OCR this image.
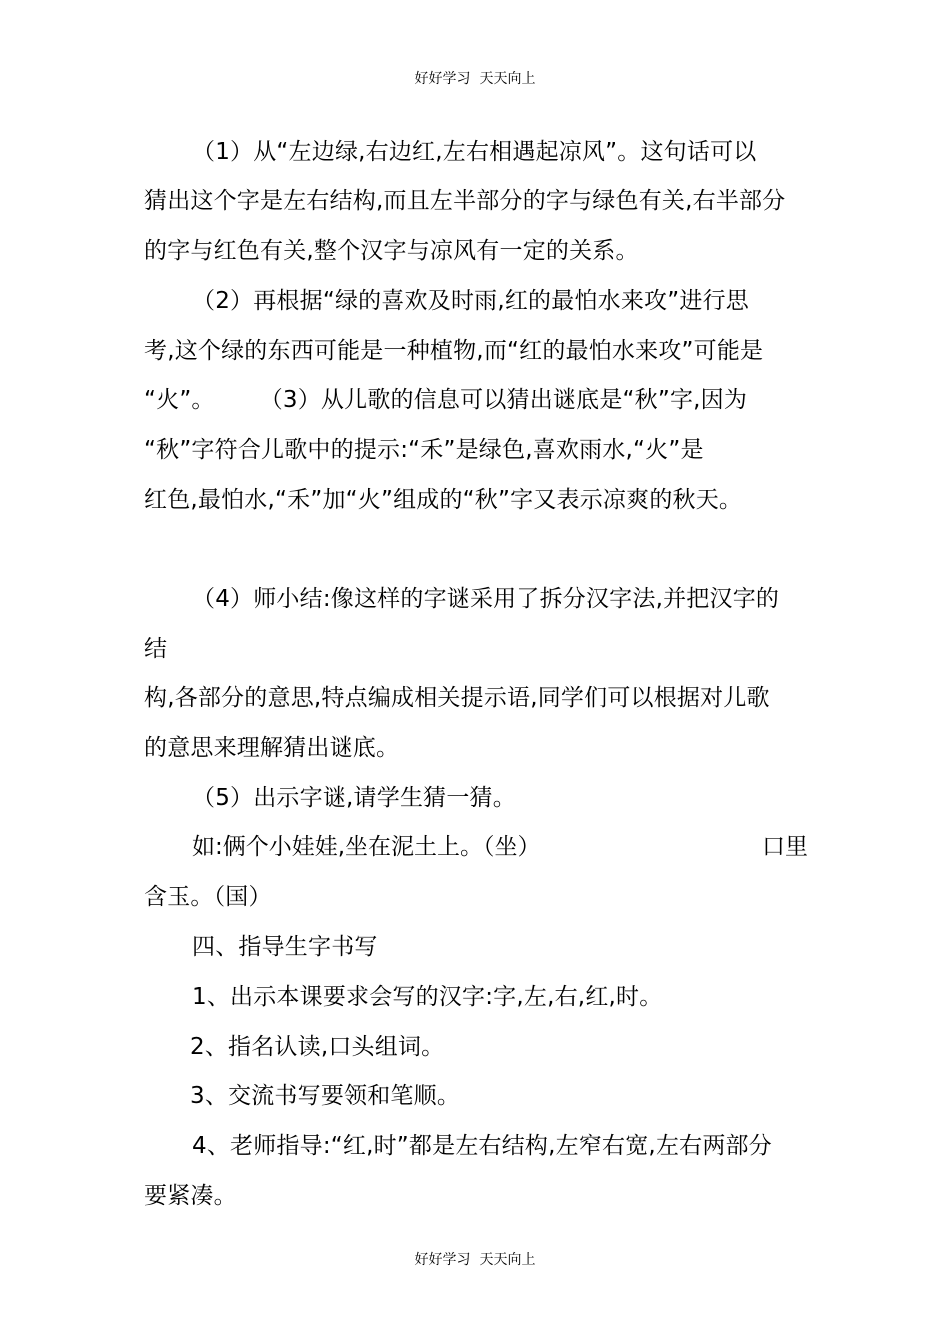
好好学习  天天向上
（1）从“左边绿,右边红,左右相遇起凉风”。这句话可以
猜出这个字是左右结构,而且左半部分的字与绿色有关,右半部分
的字与红色有关,整个汉字与凉风有一定的关系。
（2）再根据“绿的喜欢及时雨,红的最怕水来攻”进行思
考,这个绿的东西可能是一种植物,而“红的最怕水来攻”可能是
“火”。      （3）从儿歌的信息可以猜出谜底是“秋”字,因为
“秋”字符合儿歌中的提示:“禾”是绿色,喜欢雨水,“火”是
红色,最怕水,“禾”加“火”组成的“秋”字又表示凉爽的秋天。
（4）师小结:像这样的字谜采用了拆分汉字法,并把汉字的
结
构,各部分的意思,特点编成相关提示语,同学们可以根据对儿歌
的意思来理解猜出谜底。
（5）出示字谜,请学生猜一猜。
如:俩个小娃娃,坐在泥土上。（坐）	口里
含玉。（国）
四、指导生字书写
1、出示本课要求会写的汉字:字,左,右,红,时。
2、指名认读,口头组词。
3、交流书写要领和笔顺。
4、老师指导:“红,时”都是左右结构,左窄右宽,左右两部分
要紧凑。
好好学习  天天向上
